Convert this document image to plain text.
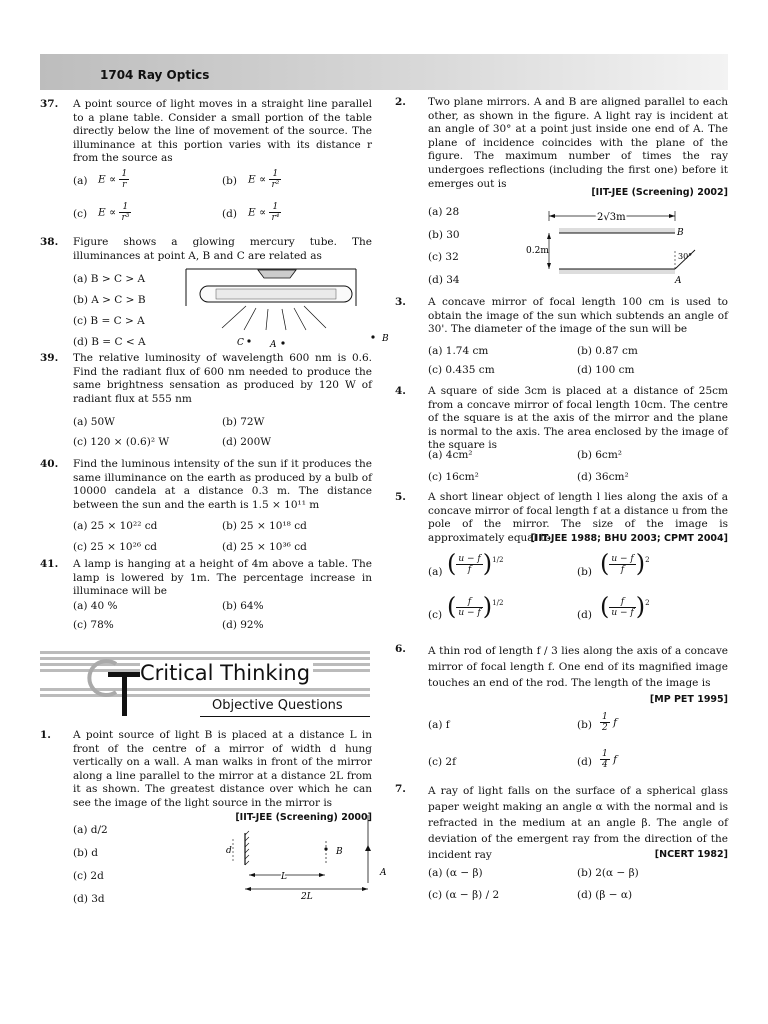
1704 Ray Optics
37. A point source of light moves in a straight line parallel to a plane table. Consider a small portion of the table directly below the line of movement of the source. The illuminance at this portion varies with its distance r from the source as
(a) $E \propto \frac{1}{r}$	(b) $E \propto \frac{1}{\text{r²}}$
(c) $E \propto \frac{1}{\text{r³}}$	(d) $E \propto \frac{1}{\text{r⁴}}$
38. Figure shows a glowing mercury tube. The illuminances at point A, B and C are related as
(a) B > C > A
(b) A > C > B
(c) B = C > A
(d) B = C < A	C	A
B
39. The relative luminosity of wavelength 600 nm is 0.6. Find the radiant flux of 600 nm needed to produce the same brightness sensation as produced by 120 W of radiant flux at 555 nm
(a) 50W	(b) 72W
(c) 120 × (0.6)² W	(d) 200W
40. Find the luminous intensity of the sun if it produces the same illuminance on the earth as produced by a bulb of 10000 candela at a distance 0.3 m. The distance between the sun and the earth is 1.5 × 10¹¹ m
(a) 25 × 10²² cd	(b) 25 × 10¹⁸ cd
(c) 25 × 10²⁶ cd	(d) 25 × 10³⁶ cd
41. A lamp is hanging at a height of 4m above a table. The lamp is lowered by 1m. The percentage increase in illuminace will be
(a) 40 %	(b) 64%
(c) 78%	(d) 92%
Critical Thinking
Objective Questions
1. A point source of light B is placed at a distance L in front of the centre of a mirror of width d hung vertically on a wall. A man walks in front of the mirror along a line parallel to the mirror at a distance 2L from it as shown. The greatest distance over which he can see the image of the light source in the mirror is
[IIT-JEE (Screening) 2000]
(a) d/2
(b) d
(c) 2d
(d) 3d
d	B
A
L
2L
2. Two plane mirrors. A and B are aligned parallel to each other, as shown in the figure. A light ray is incident at an angle of 30° at a point just inside one end of A. The plane of incidence coincides with the plane of the figure. The maximum number of times the ray undergoes reflections (including the first one) before it emerges out is
[IIT-JEE (Screening) 2002]
(a) 28
(b) 30
(c) 32
(d) 34
2√3m
B
0.2m
30°
A
3. A concave mirror of focal length 100 cm is used to obtain the image of the sun which subtends an angle of 30'. The diameter of the image of the sun will be
(a) 1.74 cm	(b) 0.87 cm
(c) 0.435 cm	(d) 100 cm
4. A square of side 3cm is placed at a distance of 25cm from a concave mirror of focal length 10cm. The centre of the square is at the axis of the mirror and the plane is normal to the axis. The area enclosed by the image of the square is
(a) 4cm²	(b) 6cm²
(c) 16cm²	(d) 36cm²
5. A short linear object of length l lies along the axis of a concave mirror of focal length f at a distance u from the pole of the mirror. The size of the image is approximately equal to
[IIT-JEE 1988; BHU 2003; CPMT 2004]
(a) ( $\frac{u - f}{f} )^{1/2}$
(b) ( $\frac{u - f}{f} )^2$
(c) ( $\frac{f}{u - f} )^{1/2}$
(d) ( $\frac{f}{u - f} )^2$
6. A thin rod of length f / 3 lies along the axis of a concave mirror of focal length f. One end of its magnified image touches an end of the rod. The length of the image is
[MP PET 1995]
(a) f	$(b) \frac{1}{2}$ f
(c) 2f	$(d) \frac{1}{4}$ f
7. A ray of light falls on the surface of a spherical glass paper weight making an angle α with the normal and is refracted in the medium at an angle β. The angle of deviation of the emergent ray from the direction of the incident ray	[NCERT 1982]
(a) (α − β)	(b) 2(α − β)
(c) (α − β) / 2	(d) (β − α)
